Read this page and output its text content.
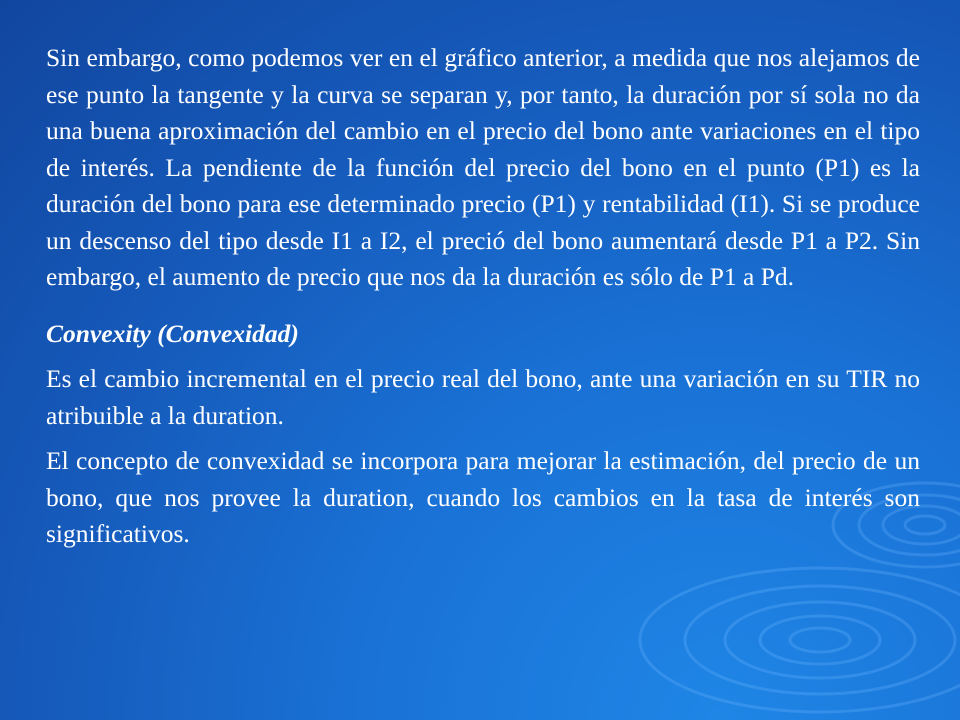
Sin embargo, como podemos ver en el gráfico anterior, a medida que nos alejamos de ese punto la tangente y la curva se separan y, por tanto, la duración por sí sola no da una buena aproximación del cambio en el precio del bono ante variaciones en el tipo de interés. La pendiente de la función del precio del bono en el punto (P1) es la duración del bono para ese determinado precio (P1) y rentabilidad (I1). Si se produce un descenso del tipo desde I1 a I2, el preció del bono aumentará desde P1 a P2. Sin embargo, el aumento de precio que nos da la duración es sólo de P1 a Pd.

Convexity (Convexidad)

Es el cambio incremental en el precio real del bono, ante una variación en su TIR no atribuible a la duration.

El concepto de convexidad se incorpora para mejorar la estimación, del precio de un bono, que nos provee la duration, cuando los cambios en la tasa de interés son significativos.
